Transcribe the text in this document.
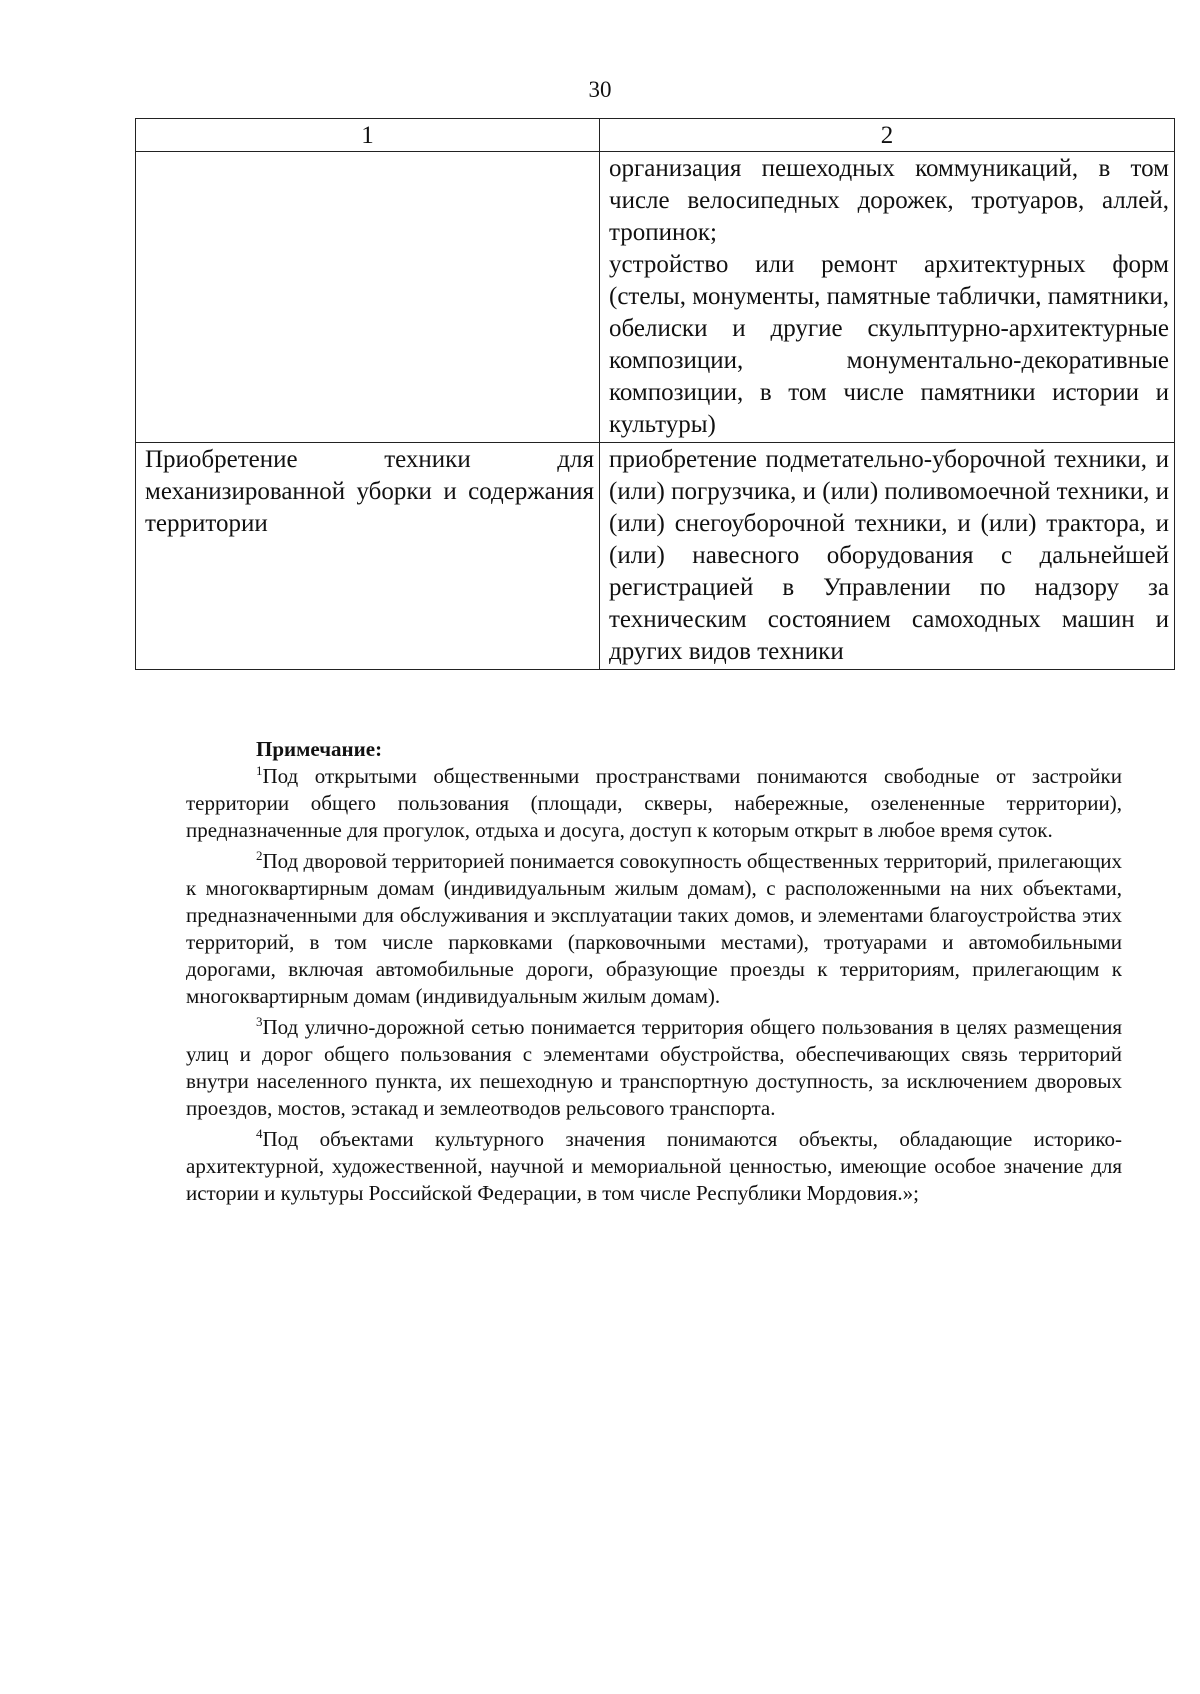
30
1	2

	организация пешеходных коммуникаций, в том числе велосипедных дорожек, тротуаров, аллей, тропинок;
устройство или ремонт архитектурных форм (стелы, монументы, памятные таблички, памятники, обелиски и другие скульптурно-архитектурные композиции, монументально-декоративные композиции, в том числе памятники истории и культуры)

Приобретение техники для механизированной уборки и содержания территории	приобретение подметательно-уборочной техники, и (или) погрузчика, и (или) поливомоечной техники, и (или) снегоуборочной техники, и (или) трактора, и (или) навесного оборудования с дальнейшей регистрацией в Управлении по надзору за техническим состоянием самоходных машин и других видов техники
Примечание:

$^1$Под открытыми общественными пространствами понимаются свободные от застройки территории общего пользования (площади, скверы, набережные, озелененные территории), предназначенные для прогулок, отдыха и досуга, доступ к которым открыт в любое время суток.

$^2$Под дворовой территорией понимается совокупность общественных территорий, прилегающих к многоквартирным домам (индивидуальным жилым домам), с расположенными на них объектами, предназначенными для обслуживания и эксплуатации таких домов, и элементами благоустройства этих территорий, в том числе парковками (парковочными местами), тротуарами и автомобильными дорогами, включая автомобильные дороги, образующие проезды к территориям, прилегающим к многоквартирным домам (индивидуальным жилым домам).

$^3$Под улично-дорожной сетью понимается территория общего пользования в целях размещения улиц и дорог общего пользования с элементами обустройства, обеспечивающих связь территорий внутри населенного пункта, их пешеходную и транспортную доступность, за исключением дворовых проездов, мостов, эстакад и землеотводов рельсового транспорта.

$^4$Под объектами культурного значения понимаются объекты, обладающие историко-архитектурной, художественной, научной и мемориальной ценностью, имеющие особое значение для истории и культуры Российской Федерации, в том числе Республики Мордовия.»;
